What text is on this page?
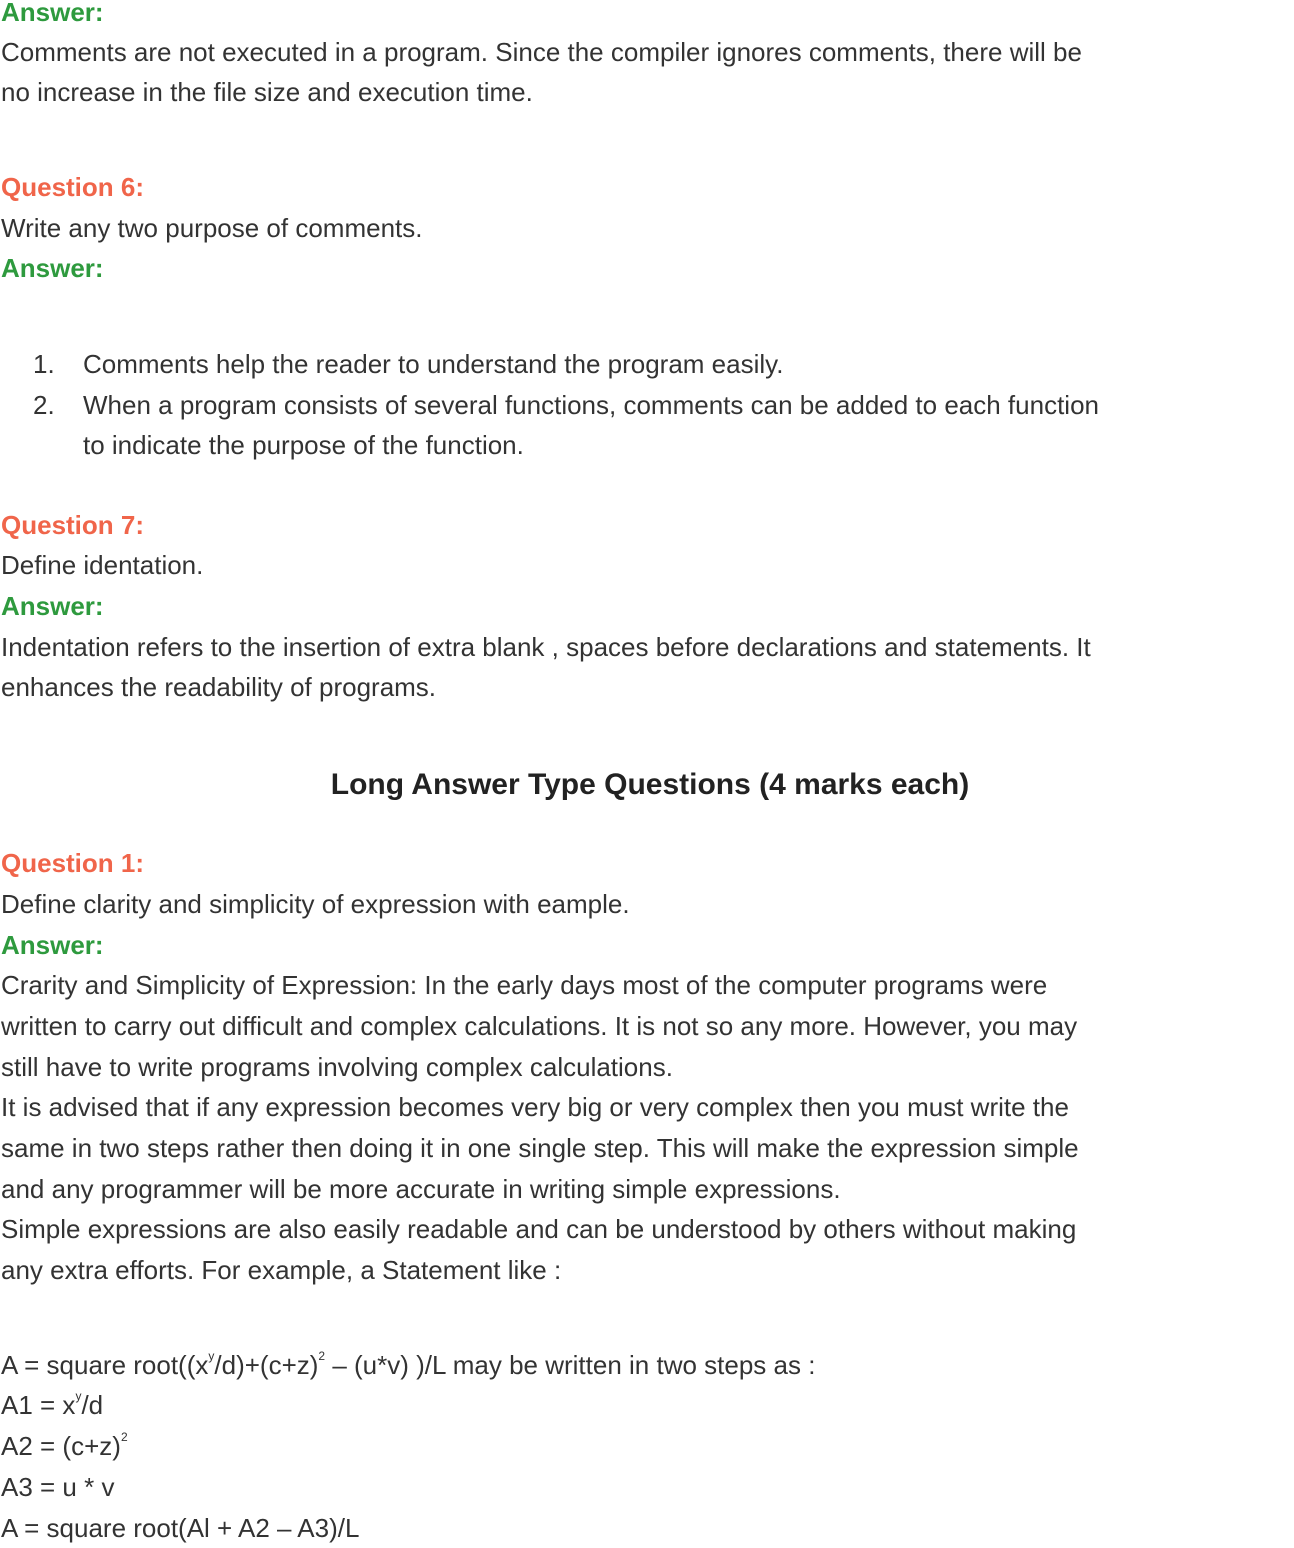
Answer:
Comments are not executed in a program. Since the compiler ignores comments, there will be
no increase in the file size and execution time.
Question 6:
Write any two purpose of comments.
Answer:
1. Comments help the reader to understand the program easily.
2. When a program consists of several functions, comments can be added to each function
to indicate the purpose of the function.
Question 7:
Define identation.
Answer:
Indentation refers to the insertion of extra blank , spaces before declarations and statements. It
enhances the readability of programs.
Long Answer Type Questions (4 marks each)
Question 1:
Define clarity and simplicity of expression with eample.
Answer:
Crarity and Simplicity of Expression: In the early days most of the computer programs were
written to carry out difficult and complex calculations. It is not so any more. However, you may
still have to write programs involving complex calculations.
It is advised that if any expression becomes very big or very complex then you must write the
same in two steps rather then doing it in one single step. This will make the expression simple
and any programmer will be more accurate in writing simple expressions.
Simple expressions are also easily readable and can be understood by others without making
any extra efforts. For example, a Statement like :
A = square $root((x^y/d)+(c+z)^2 - (u*v)$ )/L may be written in two steps as :
$A1 = x^y/d$
$A2 = (c+z)^2$
A3 = u * v
A = square root(Al + A2 – A3)/L
